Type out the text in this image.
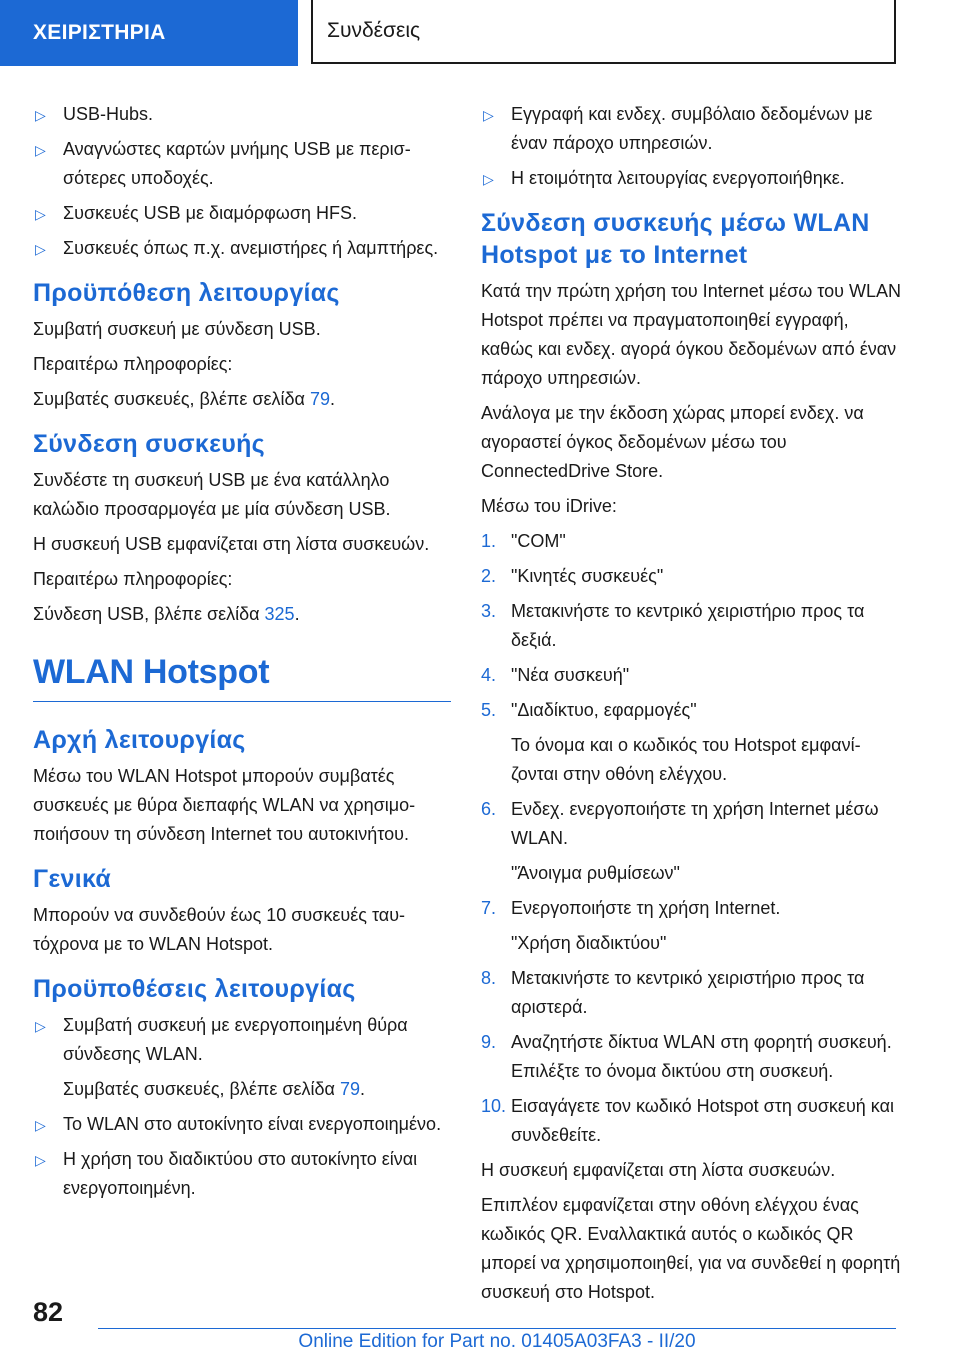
ΧΕΙΡΙΣΤΗΡΙΑ	Συνδέσεις
▷ USB-Hubs.
▷ Αναγνώστες καρτών μνήμης USB με περισσότερες υποδοχές.
▷ Συσκευές USB με διαμόρφωση HFS.
▷ Συσκευές όπως π.χ. ανεμιστήρες ή λαμπτήρες.
Προϋπόθεση λειτουργίας

Συμβατή συσκευή με σύνδεση USB.

Περαιτέρω πληροφορίες:

Συμβατές συσκευές, βλέπε σελίδα 79.

Σύνδεση συσκευής

Συνδέστε τη συσκευή USB με ένα κατάλληλο καλώδιο προσαρμογέα με μία σύνδεση USB.

Η συσκευή USB εμφανίζεται στη λίστα συσκευών.

Περαιτέρω πληροφορίες:

Σύνδεση USB, βλέπε σελίδα 325.

WLAN Hotspot
Αρχή λειτουργίας

Μέσω του WLAN Hotspot μπορούν συμβατές συσκευές με θύρα διεπαφής WLAN να χρησιμοποιήσουν τη σύνδεση Internet του αυτοκινήτου.

Γενικά

Μπορούν να συνδεθούν έως 10 συσκευές ταυτόχρονα με το WLAN Hotspot.

Προϋποθέσεις λειτουργίας
▷ Συμβατή συσκευή με ενεργοποιημένη θύρα σύνδεσης WLAN.
Συμβατές συσκευές, βλέπε σελίδα 79.
▷ Το WLAN στο αυτοκίνητο είναι ενεργοποιημένο.
▷ Η χρήση του διαδικτύου στο αυτοκίνητο είναι ενεργοποιημένη.
▷ Εγγραφή και ενδεχ. συμβόλαιο δεδομένων με έναν πάροχο υπηρεσιών.
▷ Η ετοιμότητα λειτουργίας ενεργοποιήθηκε.
Σύνδεση συσκευής μέσω WLAN Hotspot με το Internet

Κατά την πρώτη χρήση του Internet μέσω του WLAN Hotspot πρέπει να πραγματοποιηθεί εγγραφή, καθώς και ενδεχ. αγορά όγκου δεδομένων από έναν πάροχο υπηρεσιών.

Ανάλογα με την έκδοση χώρας μπορεί ενδεχ. να αγοραστεί όγκος δεδομένων μέσω του ConnectedDrive Store.

Μέσω του iDrive:

1. "COM"
2. "Κινητές συσκευές"
3. Μετακινήστε το κεντρικό χειριστήριο προς τα δεξιά.
4. "Νέα συσκευή"
5. "Διαδίκτυο, εφαρμογές"
Το όνομα και ο κωδικός του Hotspot εμφανίζονται στην οθόνη ελέγχου.
6. Ενδεχ. ενεργοποιήστε τη χρήση Internet μέσω WLAN.
"Άνοιγμα ρυθμίσεων"
7. Ενεργοποιήστε τη χρήση Internet.
"Χρήση διαδικτύου"
8. Μετακινήστε το κεντρικό χειριστήριο προς τα αριστερά.
9. Αναζητήστε δίκτυα WLAN στη φορητή συσκευή. Επιλέξτε το όνομα δικτύου στη συσκευή.
10. Εισαγάγετε τον κωδικό Hotspot στη συσκευή και συνδεθείτε.

Η συσκευή εμφανίζεται στη λίστα συσκευών.

Επιπλέον εμφανίζεται στην οθόνη ελέγχου ένας κωδικός QR. Εναλλακτικά αυτός ο κωδικός QR μπορεί να χρησιμοποιηθεί, για να συνδεθεί η φορητή συσκευή στο Hotspot.

82
Online Edition for Part no. 01405A03FA3 - II/20
